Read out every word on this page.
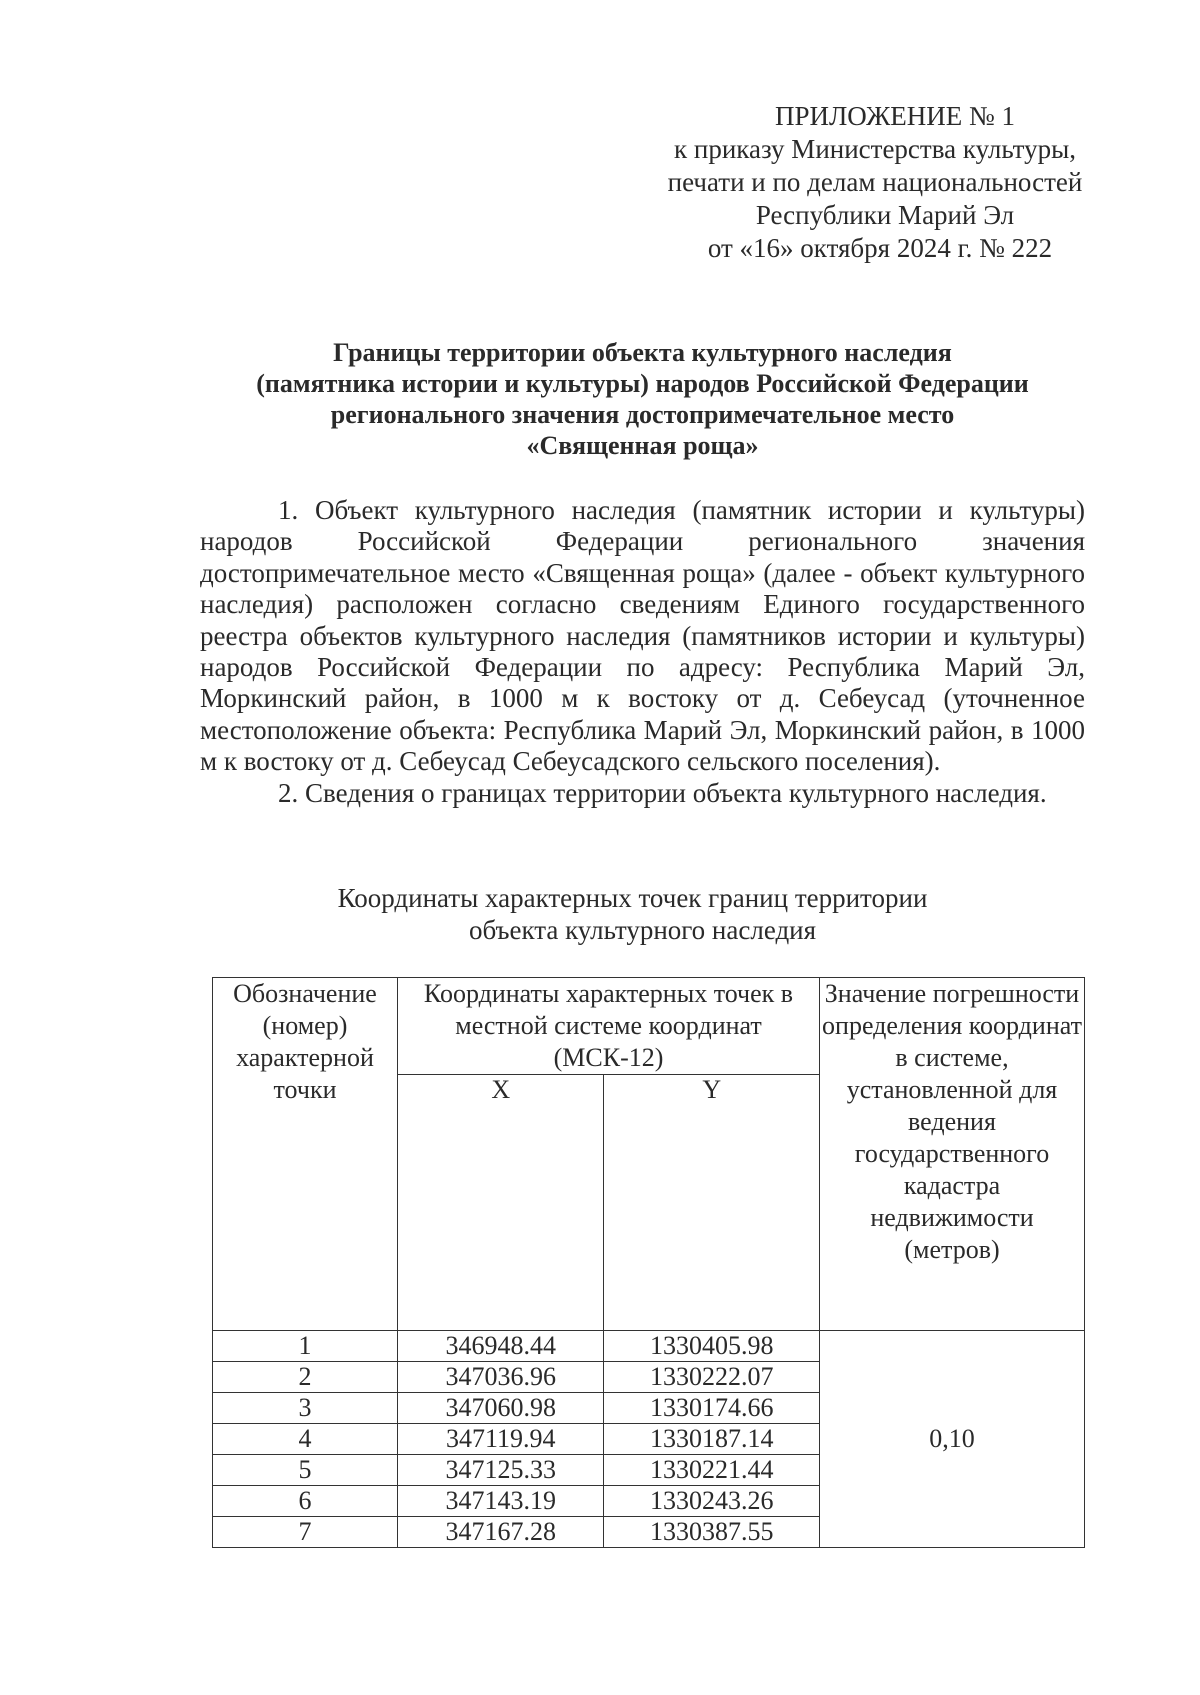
ПРИЛОЖЕНИЕ № 1
к приказу Министерства культуры,
печати и по делам национальностей
Республики Марий Эл
от «16» октября 2024 г. № 222
Границы территории объекта культурного наследия
(памятника истории и культуры) народов Российской Федерации
регионального значения достопримечательное место
«Священная роща»

1. Объект культурного наследия (памятник истории и культуры) народов Российской Федерации регионального значения достопримечательное место «Священная роща» (далее - объект культурного наследия) расположен согласно сведениям Единого государственного реестра объектов культурного наследия (памятников истории и культуры) народов Российской Федерации по адресу: Республика Марий Эл, Моркинский район, в 1000 м к востоку от д. Себеусад (уточненное местоположение объекта: Республика Марий Эл, Моркинский район, в 1000 м к востоку от д. Себеусад Себеусадского сельского поселения).

2. Сведения о границах территории объекта культурного наследия.

Координаты характерных точек границ территории
объекта культурного наследия
Обозначение (номер) характерной точки	Координаты характерных точек в местной системе координат (МСК-12)		Значение погрешности определения координат в системе, установленной для ведения государственного кадастра недвижимости (метров)
	X	Y	
1	346948.44	1330405.98	0,10
2	347036.96	1330222.07	
3	347060.98	1330174.66	
4	347119.94	1330187.14	
5	347125.33	1330221.44	
6	347143.19	1330243.26	
7	347167.28	1330387.55	
